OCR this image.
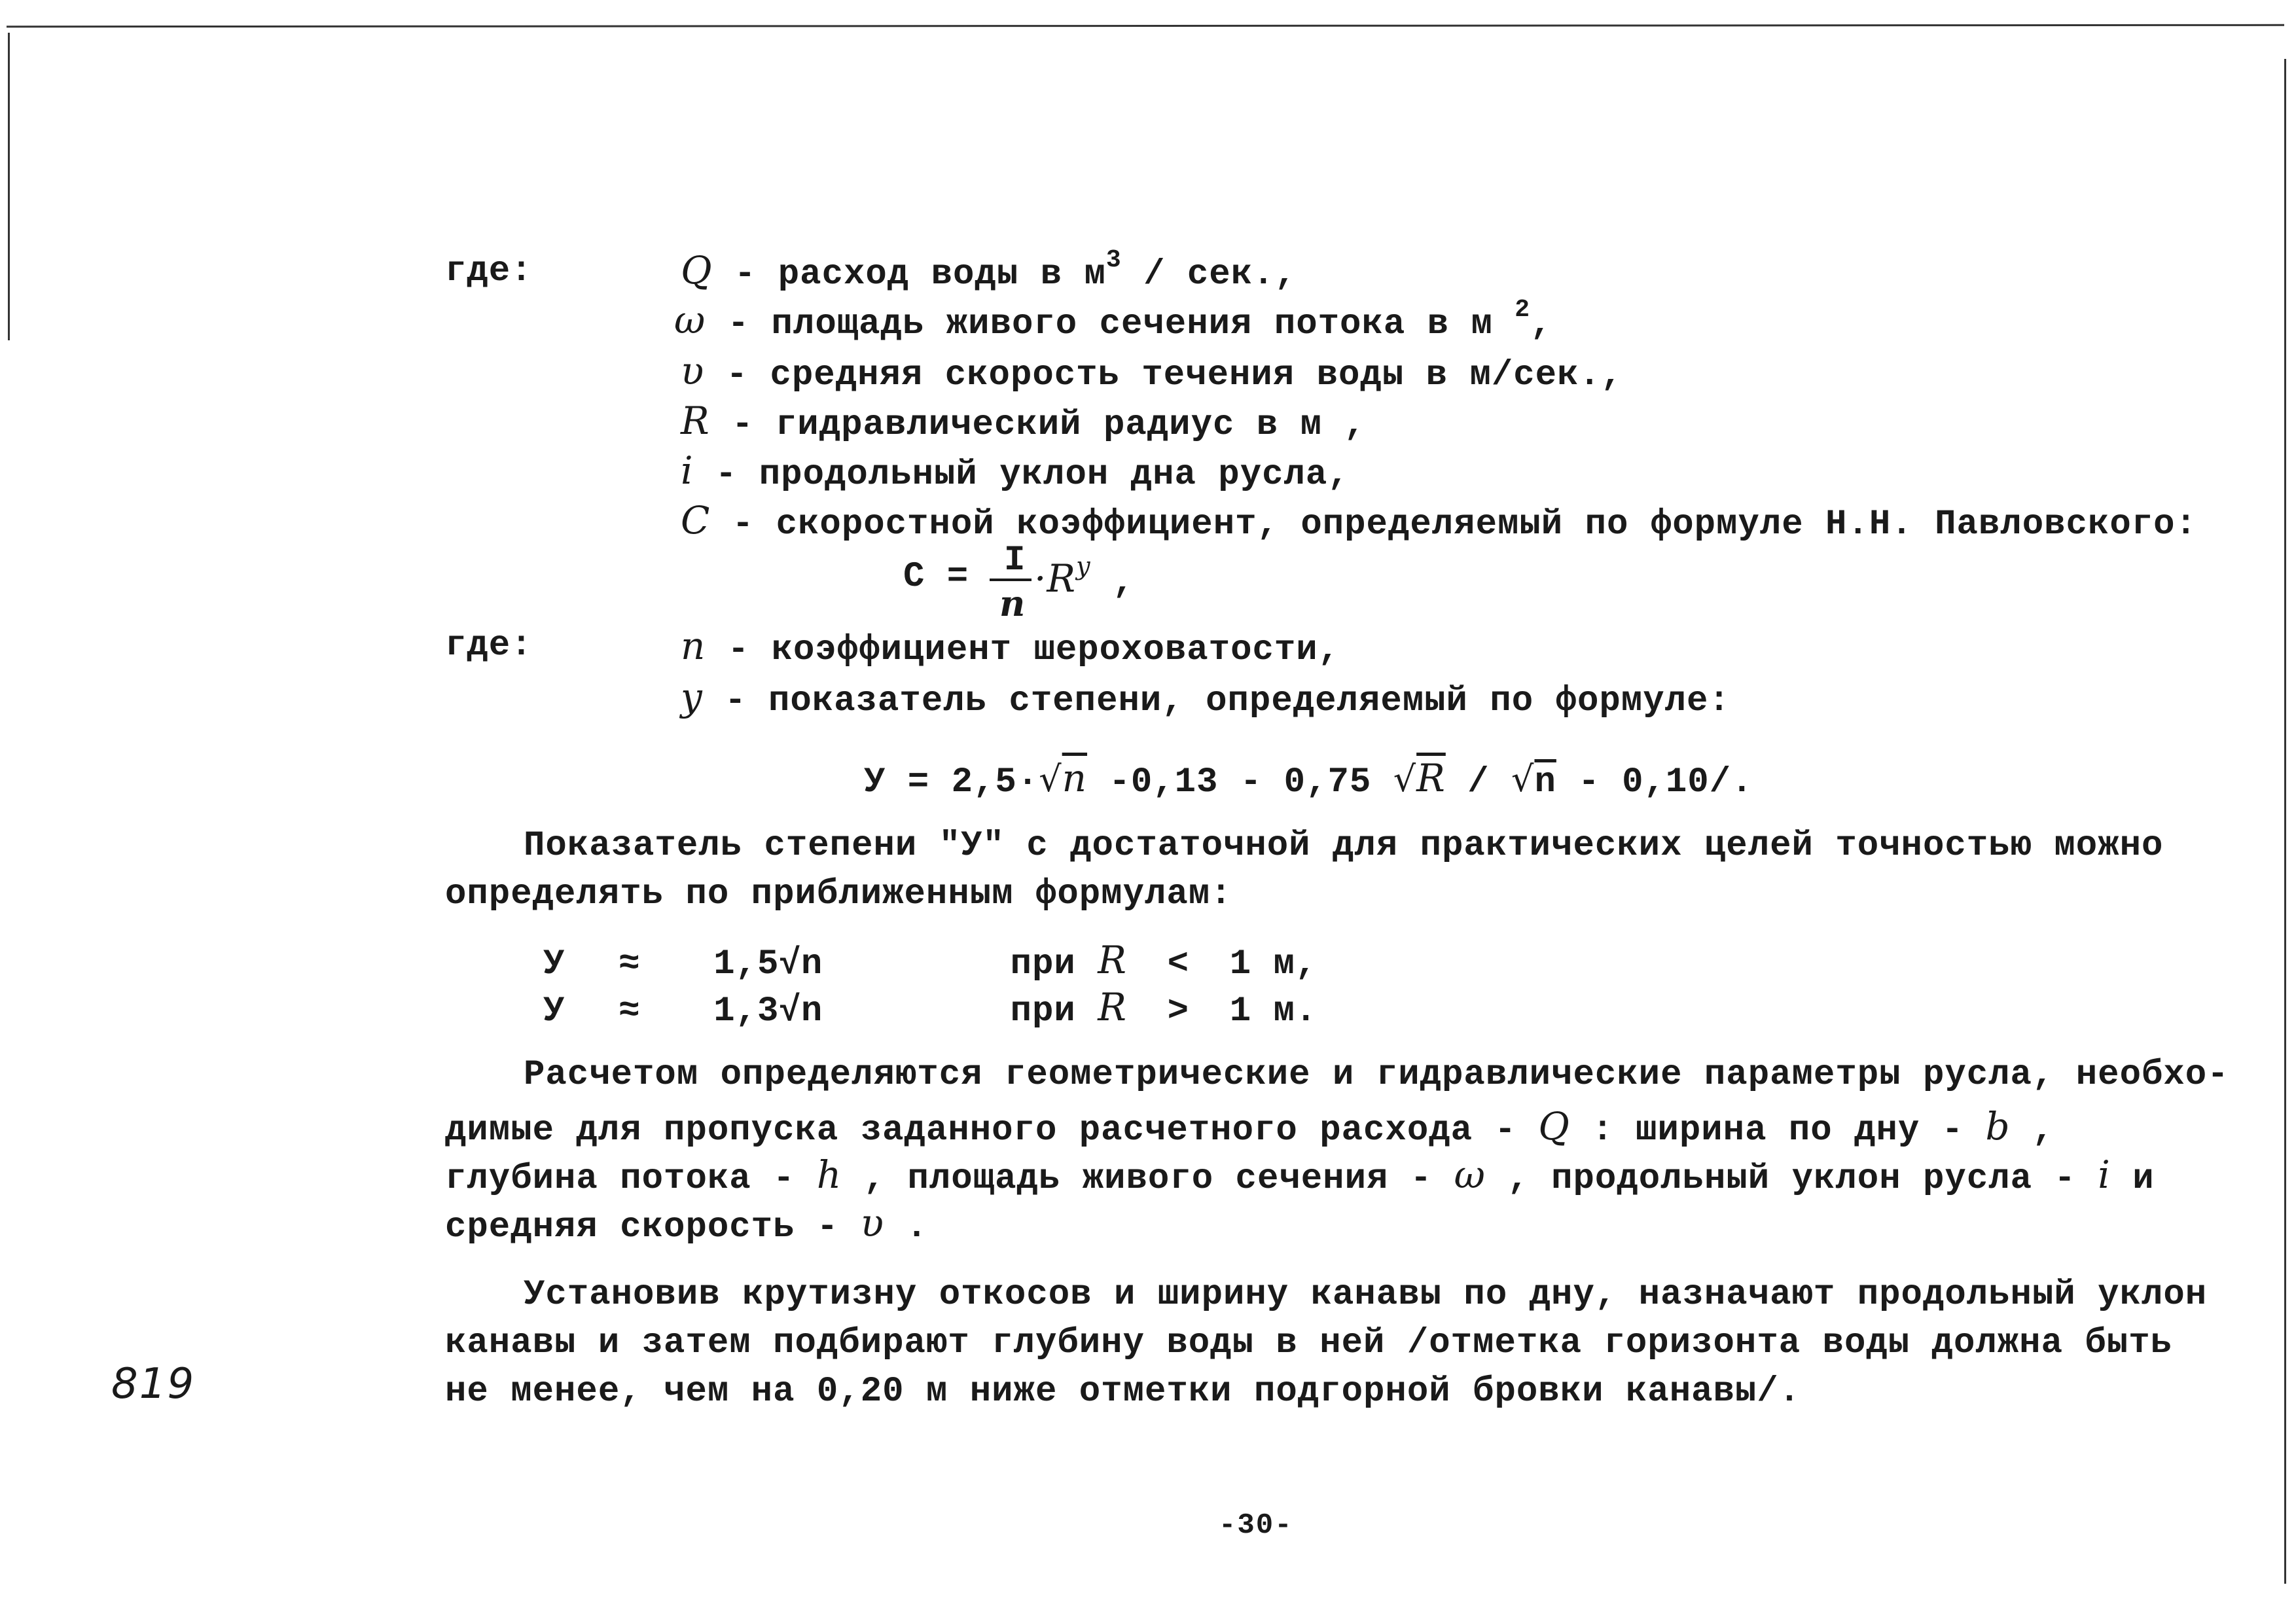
где:	Q - расход воды в $м^3$ / сек.,
ω - площадь живого сечения потока в м $^2$,
υ - средняя скорость течения воды в м/сек.,
R - гидравлический радиус в м ,
i - продольный уклон дна русла,
C - скоростной коэффициент, определяемый по формуле Н.Н. Павловского:
C = I
n
$\cdot R^y$ ,
где:	n - коэффициент шероховатости,
y - показатель степени, определяемый по формуле:
У = 2,5·√n -0,13 - 0,75 √R / √n - 0,10/.
Показатель степени "У" с достаточной для практических целей точностью можно
определять по приближенным формулам:
У ≈ 1,5√n	при R < 1 м,
У ≈ 1,3√n	при R > 1 м.
Расчетом определяются геометрические и гидравлические параметры русла, необхо-
димые для пропуска заданного расчетного расхода - Q : ширина по дну - b ,
глубина потока - h , площадь живого сечения - ω , продольный уклон русла - i и
средняя скорость - υ .
Установив крутизну откосов и ширину канавы по дну, назначают продольный уклон
канавы и затем подбирают глубину воды в ней /отметка горизонта воды должна быть
не менее, чем на 0,20 м ниже отметки подгорной бровки канавы/.
819
-30-
